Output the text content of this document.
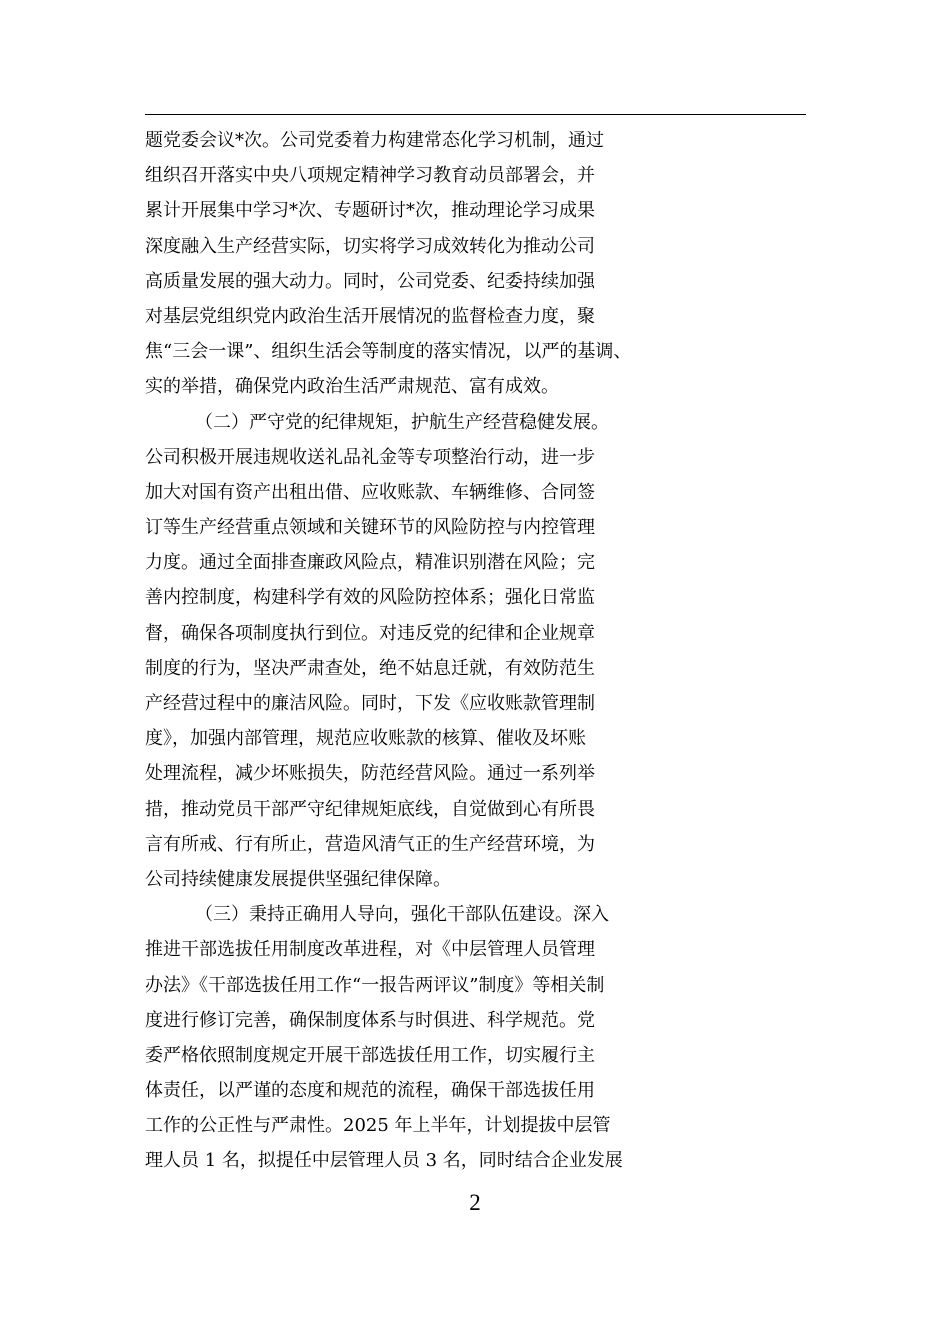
题党委会议*次。公司党委着力构建常态化学习机制，通过
组织召开落实中央八项规定精神学习教育动员部署会，并
累计开展集中学习*次、专题研讨*次，推动理论学习成果
深度融入生产经营实际，切实将学习成效转化为推动公司
高质量发展的强大动力。同时，公司党委、纪委持续加强
对基层党组织党内政治生活开展情况的监督检查力度，聚
焦“三会一课”、组织生活会等制度的落实情况，以严的基调、
实的举措，确保党内政治生活严肃规范、富有成效。
（二）严守党的纪律规矩，护航生产经营稳健发展。
公司积极开展违规收送礼品礼金等专项整治行动，进一步
加大对国有资产出租出借、应收账款、车辆维修、合同签
订等生产经营重点领域和关键环节的风险防控与内控管理
力度。通过全面排查廉政风险点，精准识别潜在风险；完
善内控制度，构建科学有效的风险防控体系；强化日常监
督，确保各项制度执行到位。对违反党的纪律和企业规章
制度的行为，坚决严肃查处，绝不姑息迁就，有效防范生
产经营过程中的廉洁风险。同时，下发《应收账款管理制
度》，加强内部管理，规范应收账款的核算、催收及坏账
处理流程，减少坏账损失，防范经营风险。通过一系列举
措，推动党员干部严守纪律规矩底线，自觉做到心有所畏
言有所戒、行有所止，营造风清气正的生产经营环境，为
公司持续健康发展提供坚强纪律保障。
（三）秉持正确用人导向，强化干部队伍建设。深入
推进干部选拔任用制度改革进程，对《中层管理人员管理
办法》《干部选拔任用工作“一报告两评议”制度》等相关制
度进行修订完善，确保制度体系与时俱进、科学规范。党
委严格依照制度规定开展干部选拔任用工作，切实履行主
体责任，以严谨的态度和规范的流程，确保干部选拔任用
工作的公正性与严肃性。2025 年上半年，计划提拔中层管
理人员 1 名，拟提任中层管理人员 3 名，同时结合企业发展
2
